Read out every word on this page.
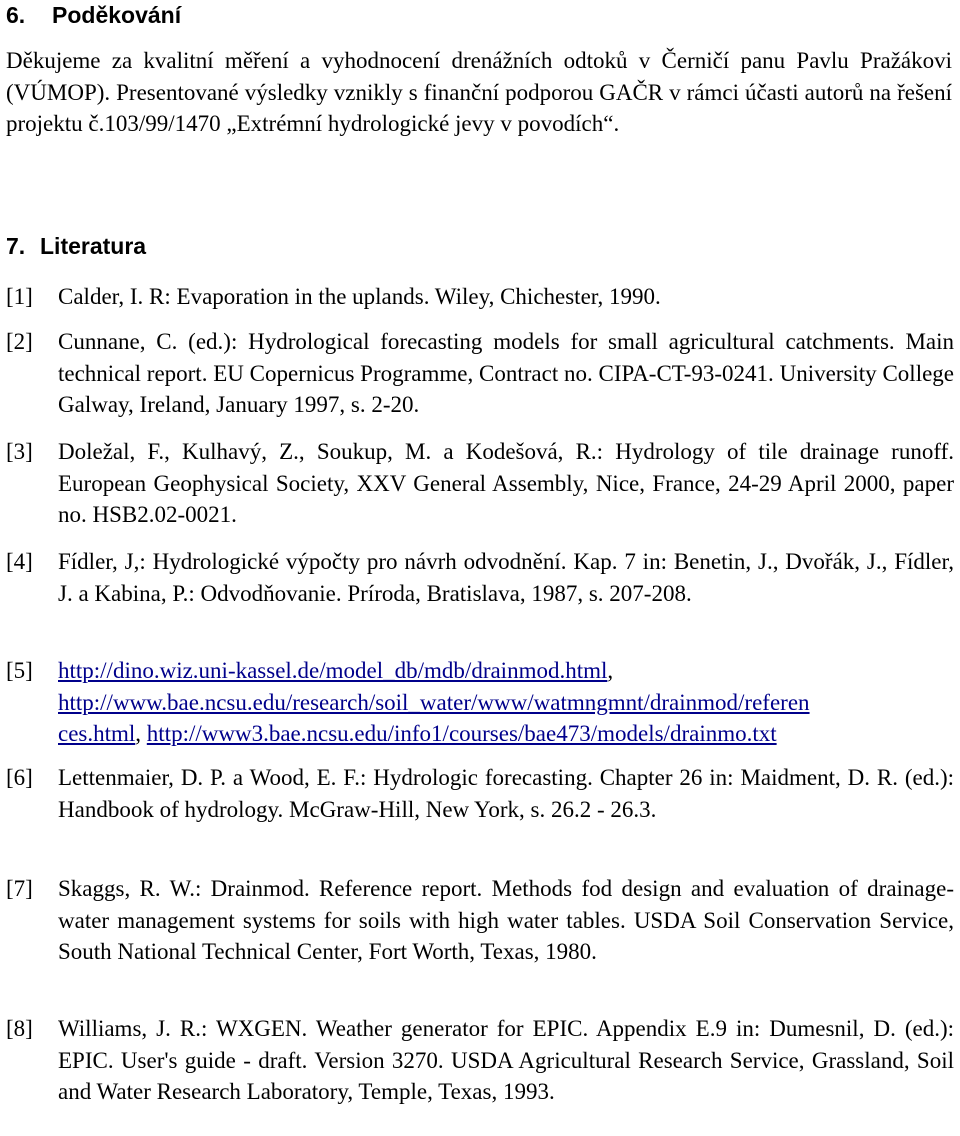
6. Poděkování
Děkujeme za kvalitní měření a vyhodnocení drenážních odtoků v Černičí panu Pavlu Pražákovi (VÚMOP). Presentované výsledky vznikly s finanční podporou GAČR v rámci účasti autorů na řešení projektu č.103/99/1470 „Extrémní hydrologické jevy v povodích“.
7. Literatura
[1]	Calder, I. R: Evaporation in the uplands. Wiley, Chichester, 1990.
[2]	Cunnane, C. (ed.): Hydrological forecasting models for small agricultural catchments. Main technical report. EU Copernicus Programme, Contract no. CIPA-CT-93-0241. University College Galway, Ireland, January 1997, s. 2-20.
[3]	Doležal, F., Kulhavý, Z., Soukup, M. a Kodešová, R.: Hydrology of tile drainage runoff. European Geophysical Society, XXV General Assembly, Nice, France, 24-29 April 2000, paper no. HSB2.02-0021.
[4]	Fídler, J,: Hydrologické výpočty pro návrh odvodnění. Kap. 7 in: Benetin, J., Dvořák, J., Fídler, J. a Kabina, P.: Odvodňovanie. Príroda, Bratislava, 1987, s. 207-208.
[5]	http://dino.wiz.uni-kassel.de/model_db/mdb/drainmod.html,
http://www.bae.ncsu.edu/research/soil_water/www/watmngmnt/drainmod/referen
ces.html, http://www3.bae.ncsu.edu/info1/courses/bae473/models/drainmo.txt
[6]	Lettenmaier, D. P. a Wood, E. F.: Hydrologic forecasting. Chapter 26 in: Maidment, D. R. (ed.): Handbook of hydrology. McGraw-Hill, New York, s. 26.2 - 26.3.
[7]	Skaggs, R. W.: Drainmod. Reference report. Methods fod design and evaluation of drainage-water management systems for soils with high water tables. USDA Soil Conservation Service, South National Technical Center, Fort Worth, Texas, 1980.
[8]	Williams, J. R.: WXGEN. Weather generator for EPIC. Appendix E.9 in: Dumesnil, D. (ed.): EPIC. User's guide - draft. Version 3270. USDA Agricultural Research Service, Grassland, Soil and Water Research Laboratory, Temple, Texas, 1993.
